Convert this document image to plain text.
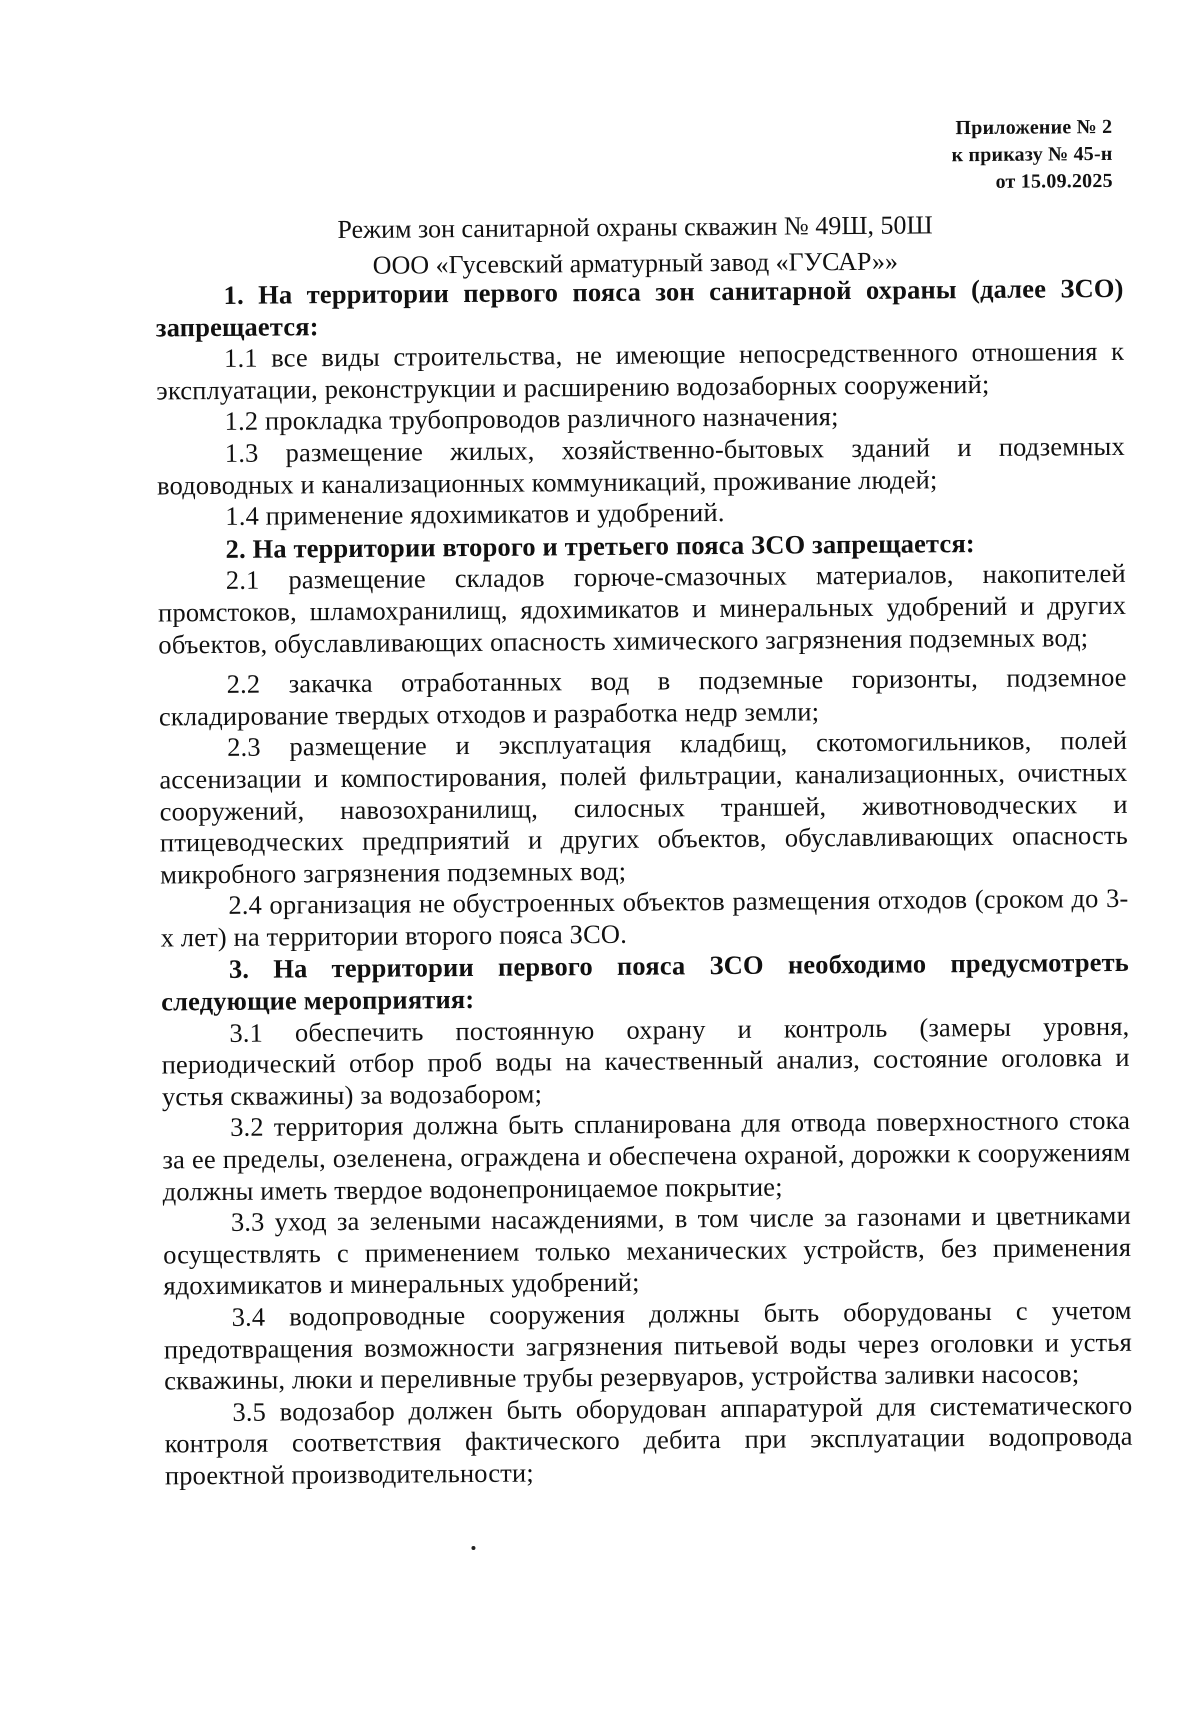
Приложение № 2
к приказу № 45-н
от 15.09.2025
Режим зон санитарной охраны скважин № 49Ш, 50Ш
ООО «Гусевский арматурный завод «ГУСАР»»

1. На территории первого пояса зон санитарной охраны (далее ЗСО) запрещается:

1.1 все виды строительства, не имеющие непосредственного отношения к эксплуатации, реконструкции и расширению водозаборных сооружений;

1.2 прокладка трубопроводов различного назначения;

1.3 размещение жилых, хозяйственно-бытовых зданий и подземных водоводных и канализационных коммуникаций, проживание людей;

1.4 применение ядохимикатов и удобрений.

2. На территории второго и третьего пояса ЗСО запрещается:

2.1 размещение складов горюче-смазочных материалов, накопителей промстоков, шламохранилищ, ядохимикатов и минеральных удобрений и других объектов, обуславливающих опасность химического загрязнения подземных вод;

2.2 закачка отработанных вод в подземные горизонты, подземное складирование твердых отходов и разработка недр земли;

2.3 размещение и эксплуатация кладбищ, скотомогильников, полей ассенизации и компостирования, полей фильтрации, канализационных, очистных сооружений, навозохранилищ, силосных траншей, животноводческих и птицеводческих предприятий и других объектов, обуславливающих опасность микробного загрязнения подземных вод;

2.4 организация не обустроенных объектов размещения отходов (сроком до 3-х лет) на территории второго пояса ЗСО.

3. На территории первого пояса ЗСО необходимо предусмотреть следующие мероприятия:

3.1 обеспечить постоянную охрану и контроль (замеры уровня, периодический отбор проб воды на качественный анализ, состояние оголовка и устья скважины) за водозабором;

3.2 территория должна быть спланирована для отвода поверхностного стока за ее пределы, озеленена, ограждена и обеспечена охраной, дорожки к сооружениям должны иметь твердое водонепроницаемое покрытие;

3.3 уход за зелеными насаждениями, в том числе за газонами и цветниками осуществлять с применением только механических устройств, без применения ядохимикатов и минеральных удобрений;

3.4 водопроводные сооружения должны быть оборудованы с учетом предотвращения возможности загрязнения питьевой воды через оголовки и устья скважины, люки и переливные трубы резервуаров, устройства заливки насосов;

3.5 водозабор должен быть оборудован аппаратурой для систематического контроля соответствия фактического дебита при эксплуатации водопровода проектной производительности;
